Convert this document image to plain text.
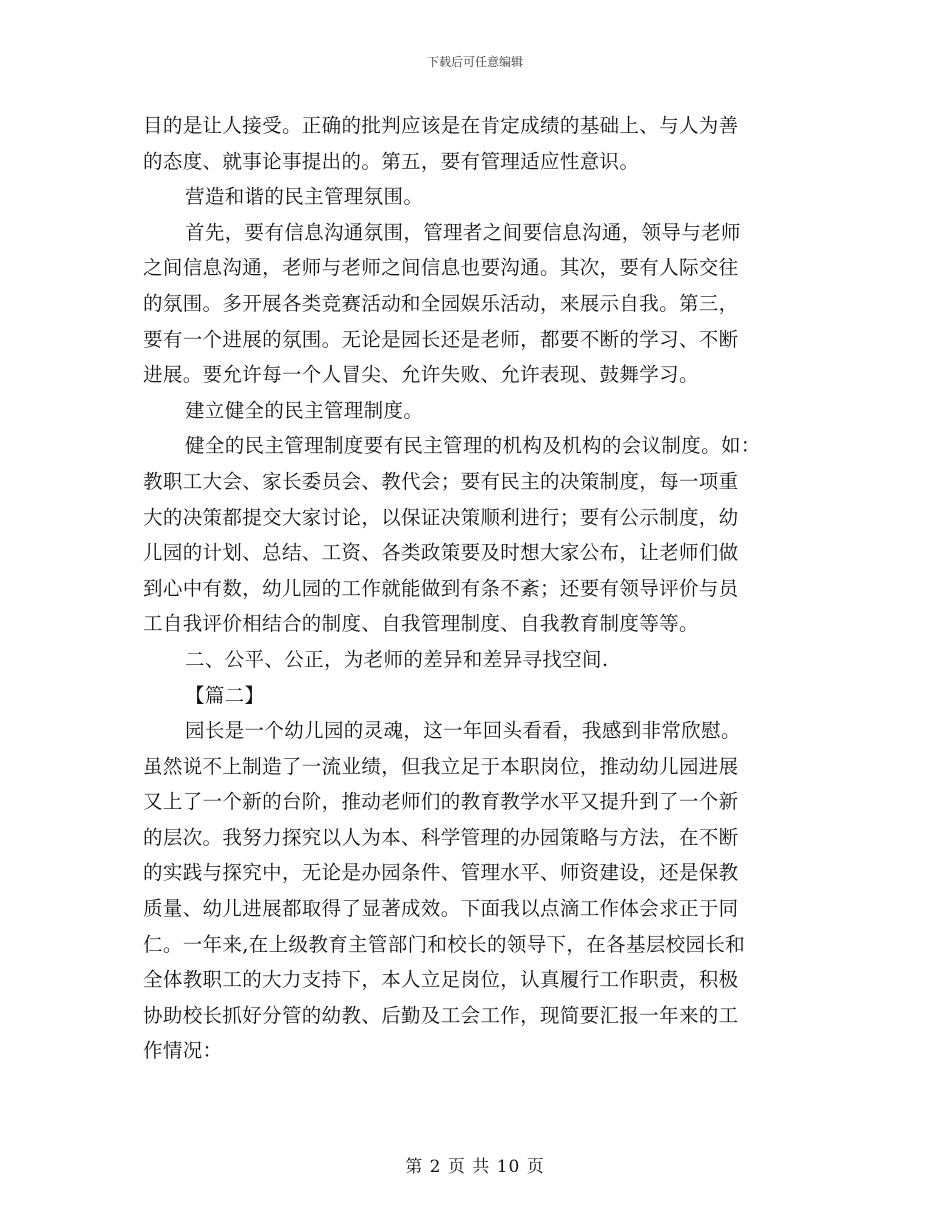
下载后可任意编辑
目的是让人接受。正确的批判应该是在肯定成绩的基础上、与人为善
的态度、就事论事提出的。第五，要有管理适应性意识。
营造和谐的民主管理氛围。
首先，要有信息沟通氛围，管理者之间要信息沟通，领导与老师
之间信息沟通，老师与老师之间信息也要沟通。其次，要有人际交往
的氛围。多开展各类竞赛活动和全园娱乐活动，来展示自我。第三，
要有一个进展的氛围。无论是园长还是老师，都要不断的学习、不断
进展。要允许每一个人冒尖、允许失败、允许表现、鼓舞学习。
建立健全的民主管理制度。
健全的民主管理制度要有民主管理的机构及机构的会议制度。如：
教职工大会、家长委员会、教代会；要有民主的决策制度，每一项重
大的决策都提交大家讨论，以保证决策顺利进行；要有公示制度，幼
儿园的计划、总结、工资、各类政策要及时想大家公布，让老师们做
到心中有数，幼儿园的工作就能做到有条不紊；还要有领导评价与员
工自我评价相结合的制度、自我管理制度、自我教育制度等等。
二、公平、公正，为老师的差异和差异寻找空间.
【篇二】
园长是一个幼儿园的灵魂，这一年回头看看，我感到非常欣慰。
虽然说不上制造了一流业绩，但我立足于本职岗位，推动幼儿园进展
又上了一个新的台阶，推动老师们的教育教学水平又提升到了一个新
的层次。我努力探究以人为本、科学管理的办园策略与方法，在不断
的实践与探究中，无论是办园条件、管理水平、师资建设，还是保教
质量、幼儿进展都取得了显著成效。下面我以点滴工作体会求正于同
仁。一年来,在上级教育主管部门和校长的领导下，在各基层校园长和
全体教职工的大力支持下，本人立足岗位，认真履行工作职责，积极
协助校长抓好分管的幼教、后勤及工会工作，现简要汇报一年来的工
作情况：
第 2 页 共 10 页
